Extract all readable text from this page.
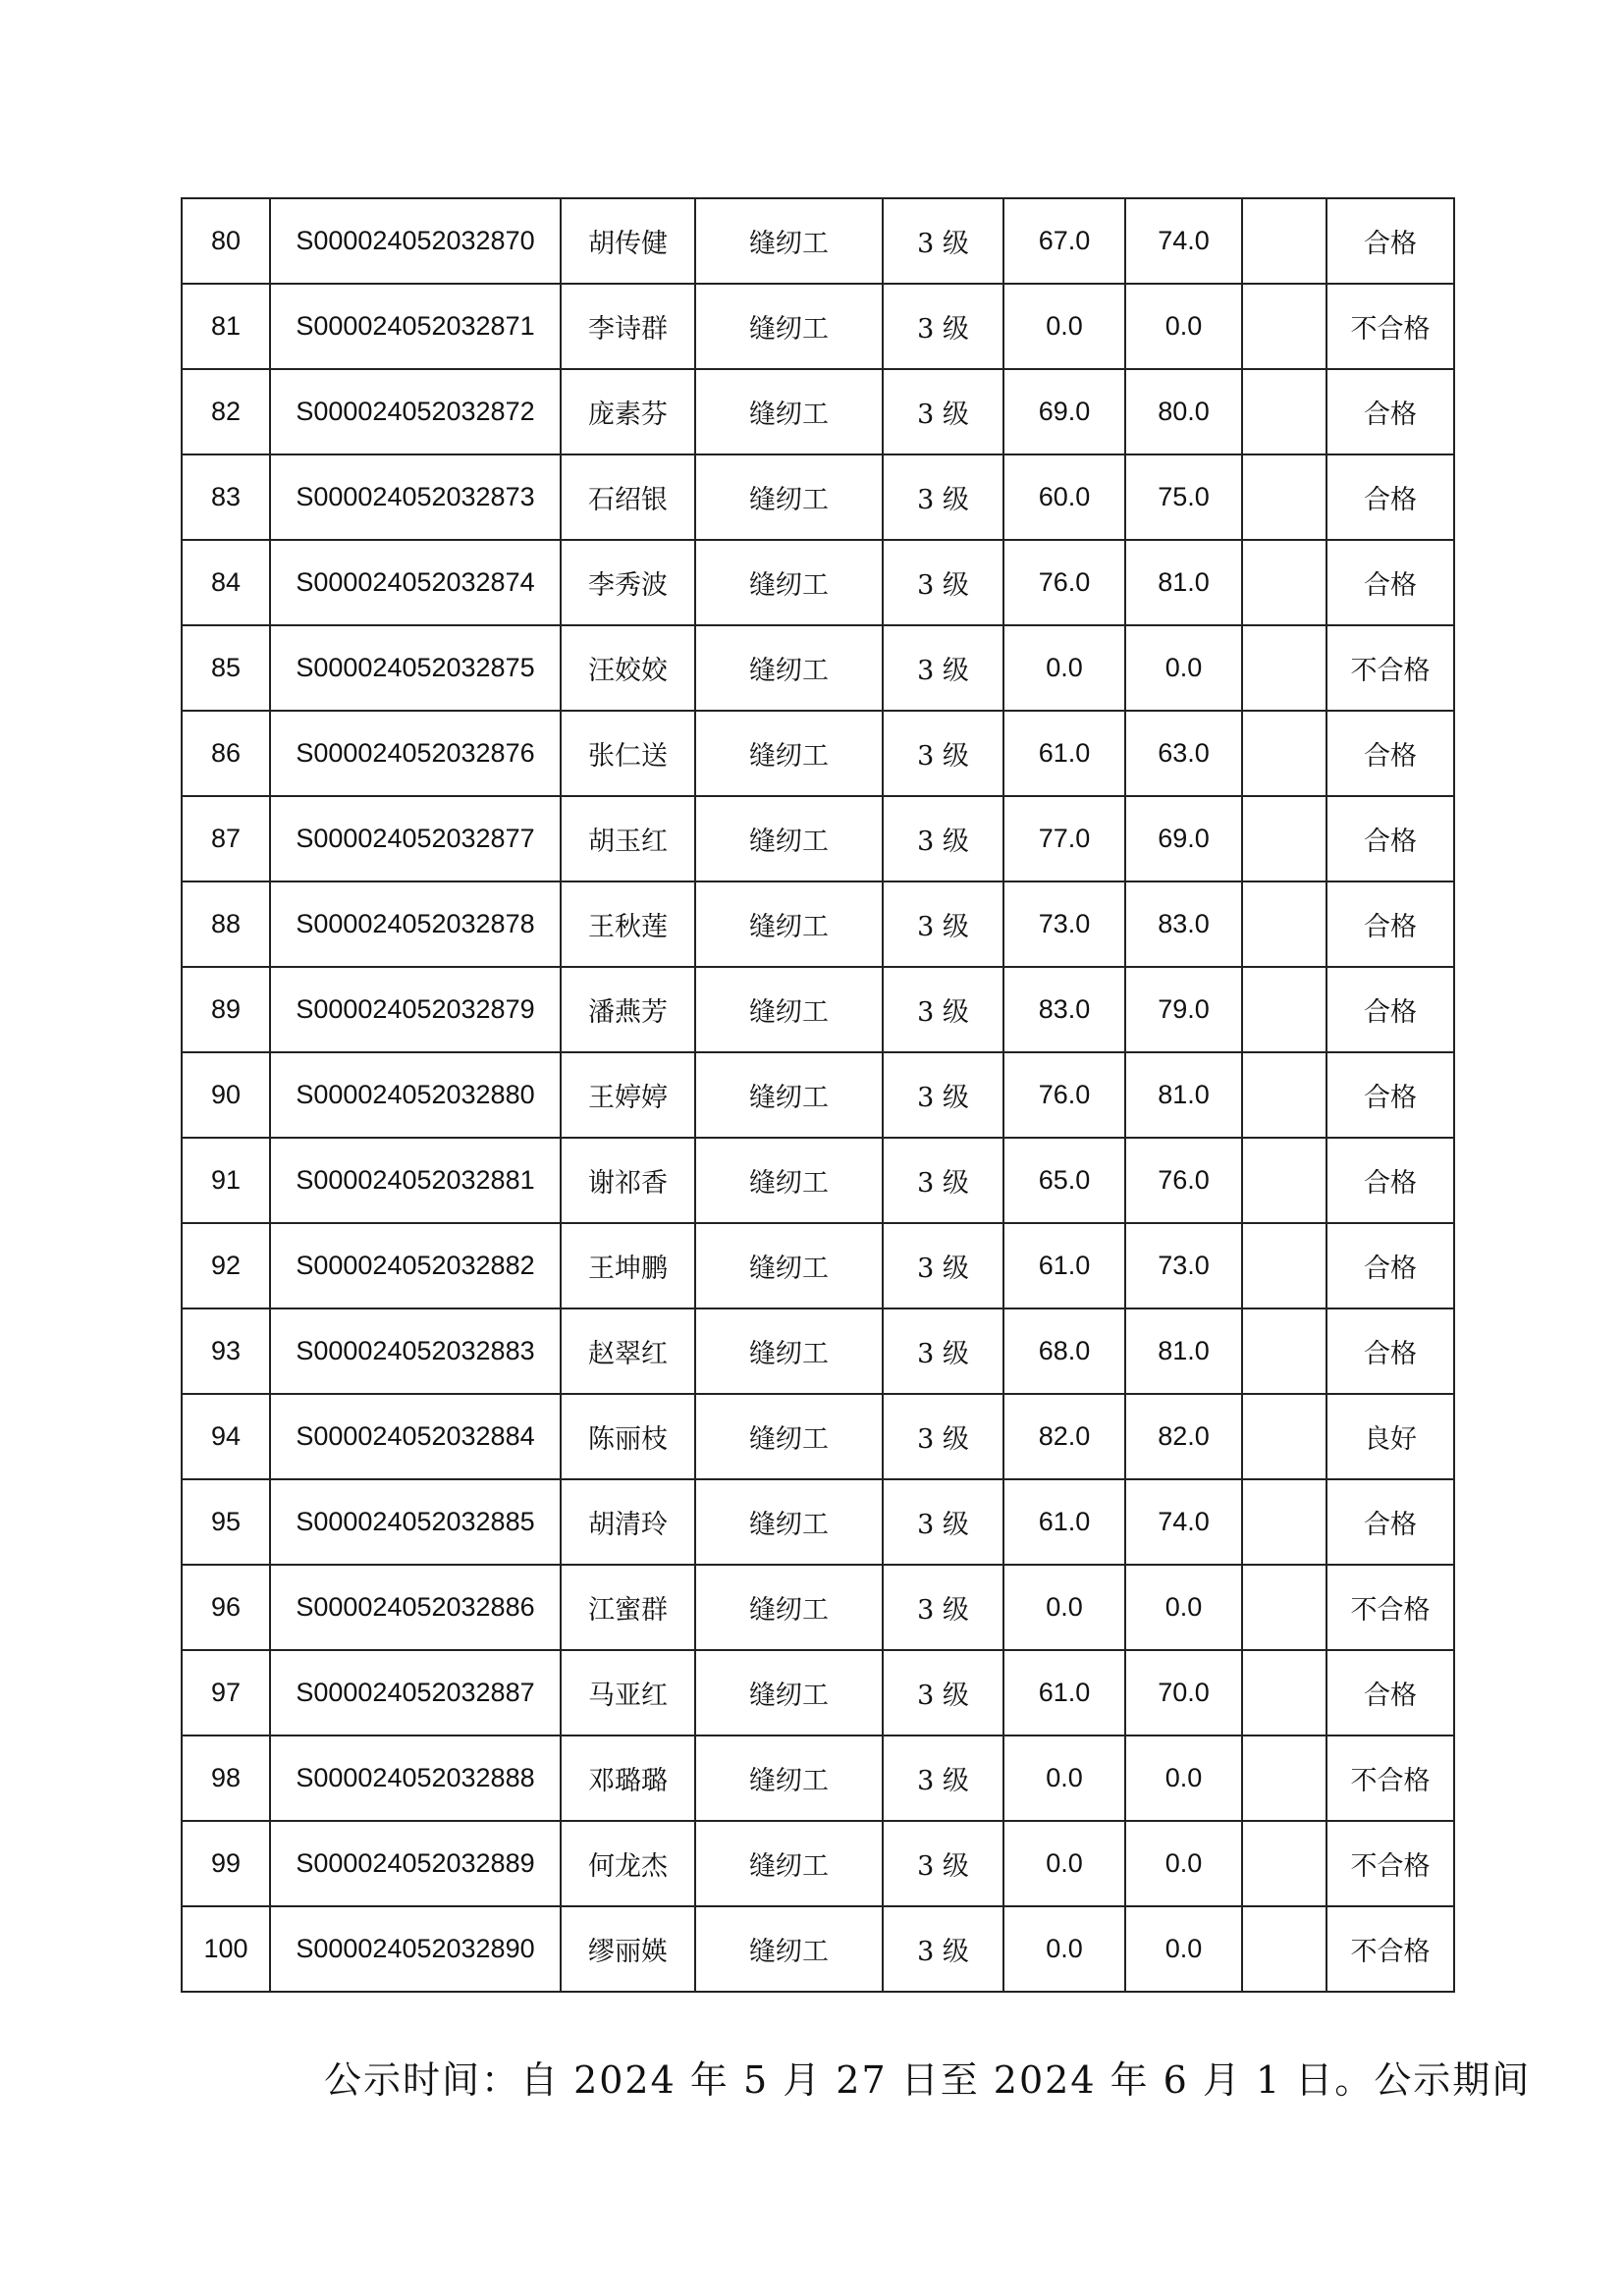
80	S000024052032870	胡传健	缝纫工	3 级	67.0	74.0		合格
81	S000024052032871	李诗群	缝纫工	3 级	0.0	0.0		不合格
82	S000024052032872	庞素芬	缝纫工	3 级	69.0	80.0		合格
83	S000024052032873	石绍银	缝纫工	3 级	60.0	75.0		合格
84	S000024052032874	李秀波	缝纫工	3 级	76.0	81.0		合格
85	S000024052032875	汪姣姣	缝纫工	3 级	0.0	0.0		不合格
86	S000024052032876	张仁送	缝纫工	3 级	61.0	63.0		合格
87	S000024052032877	胡玉红	缝纫工	3 级	77.0	69.0		合格
88	S000024052032878	王秋莲	缝纫工	3 级	73.0	83.0		合格
89	S000024052032879	潘燕芳	缝纫工	3 级	83.0	79.0		合格
90	S000024052032880	王婷婷	缝纫工	3 级	76.0	81.0		合格
91	S000024052032881	谢祁香	缝纫工	3 级	65.0	76.0		合格
92	S000024052032882	王坤鹏	缝纫工	3 级	61.0	73.0		合格
93	S000024052032883	赵翠红	缝纫工	3 级	68.0	81.0		合格
94	S000024052032884	陈丽枝	缝纫工	3 级	82.0	82.0		良好
95	S000024052032885	胡清玲	缝纫工	3 级	61.0	74.0		合格
96	S000024052032886	江蜜群	缝纫工	3 级	0.0	0.0		不合格
97	S000024052032887	马亚红	缝纫工	3 级	61.0	70.0		合格
98	S000024052032888	邓璐璐	缝纫工	3 级	0.0	0.0		不合格
99	S000024052032889	何龙杰	缝纫工	3 级	0.0	0.0		不合格
100	S000024052032890	缪丽媖	缝纫工	3 级	0.0	0.0		不合格
公示时间：自 2024 年 5 月 27 日至 2024 年 6 月 1 日。公示期间
